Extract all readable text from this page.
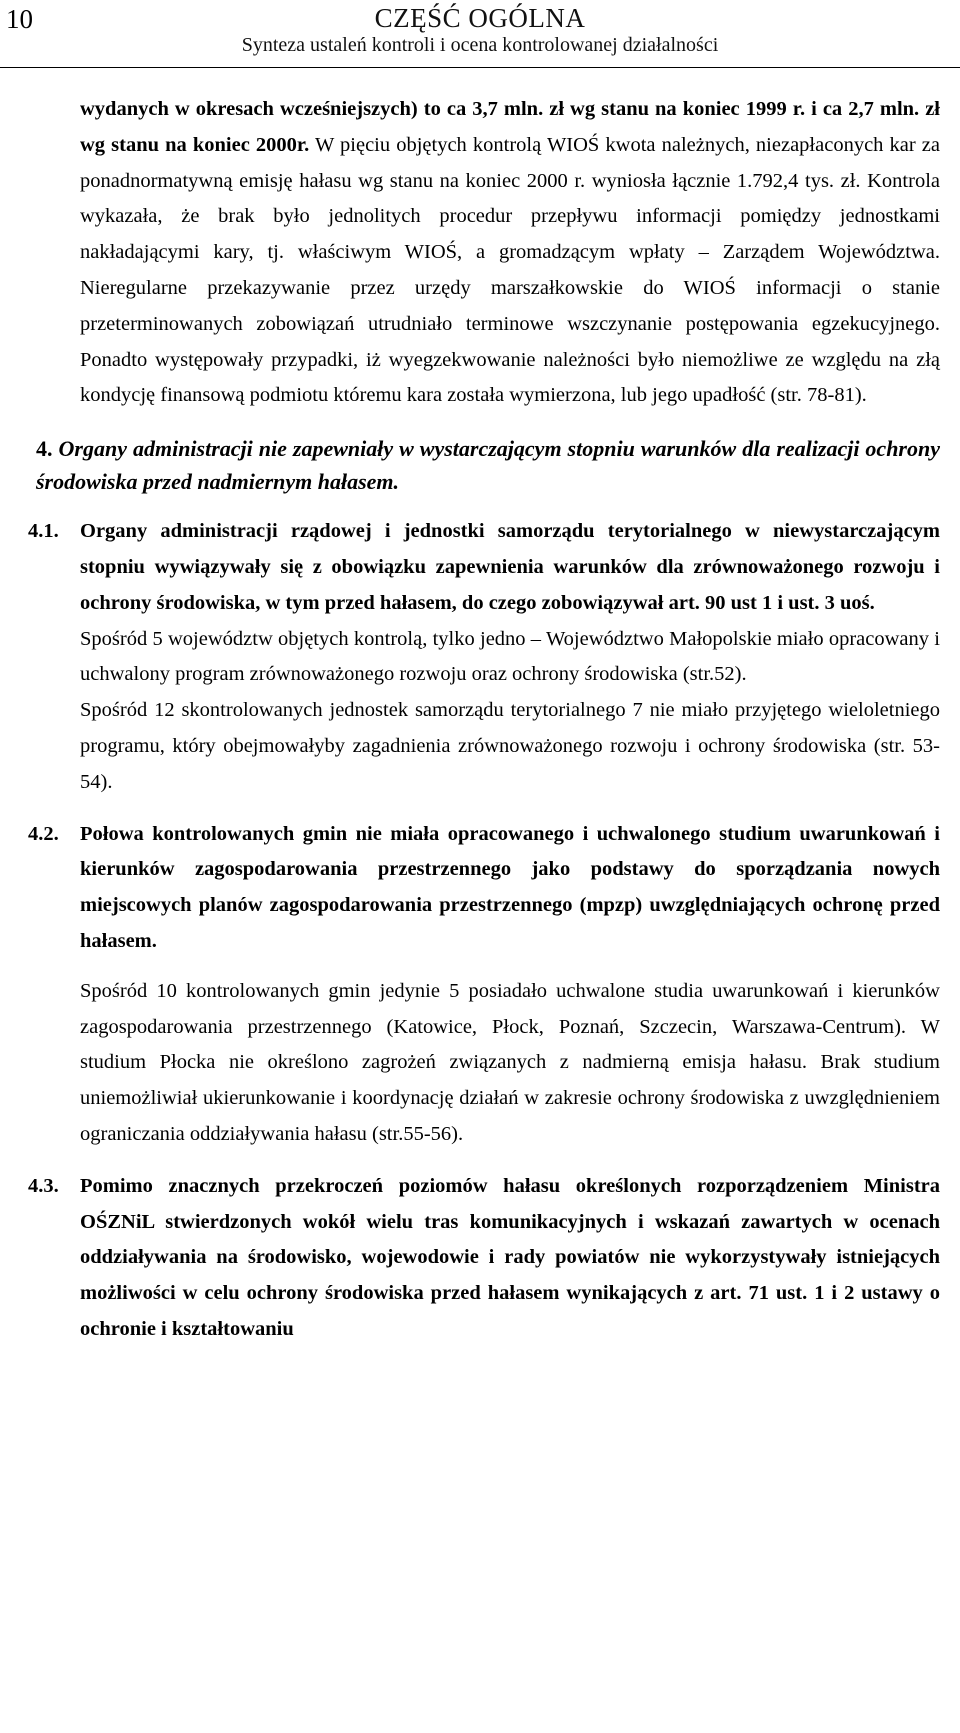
10	CZĘŚĆ OGÓLNA
Synteza ustaleń kontroli i ocena kontrolowanej działalności

wydanych w okresach wcześniejszych) to ca 3,7 mln. zł wg stanu na koniec 1999 r. i ca 2,7 mln. zł wg stanu na koniec 2000r. W pięciu objętych kontrolą WIOŚ kwota należnych, niezapłaconych kar za ponadnormatywną emisję hałasu wg stanu na koniec 2000 r. wyniosła łącznie 1.792,4 tys. zł. Kontrola wykazała, że brak było jednolitych procedur przepływu informacji pomiędzy jednostkami nakładającymi kary, tj. właściwym WIOŚ, a gromadzącym wpłaty – Zarządem Województwa. Nieregularne przekazywanie przez urzędy marszałkowskie do WIOŚ informacji o stanie przeterminowanych zobowiązań utrudniało terminowe wszczynanie postępowania egzekucyjnego. Ponadto występowały przypadki, iż wyegzekwowanie należności było niemożliwe ze względu na złą kondycję finansową podmiotu któremu kara została wymierzona, lub jego upadłość (str. 78-81).

4. Organy administracji nie zapewniały w wystarczającym stopniu warunków dla realizacji ochrony środowiska przed nadmiernym hałasem.

4.1. Organy administracji rządowej i jednostki samorządu terytorialnego w niewystarczającym stopniu wywiązywały się z obowiązku zapewnienia warunków dla zrównoważonego rozwoju i ochrony środowiska, w tym przed hałasem, do czego zobowiązywał art. 90 ust 1 i ust. 3 uoś.

Spośród 5 województw objętych kontrolą, tylko jedno – Województwo Małopolskie miało opracowany i uchwalony program zrównoważonego rozwoju oraz ochrony środowiska (str.52).

Spośród 12 skontrolowanych jednostek samorządu terytorialnego 7 nie miało przyjętego wieloletniego programu, który obejmowałyby zagadnienia zrównoważonego rozwoju i ochrony środowiska (str. 53-54).

4.2. Połowa kontrolowanych gmin nie miała opracowanego i uchwalonego studium uwarunkowań i kierunków zagospodarowania przestrzennego jako podstawy do sporządzania nowych miejscowych planów zagospodarowania przestrzennego (mpzp) uwzględniających ochronę przed hałasem.

Spośród 10 kontrolowanych gmin jedynie 5 posiadało uchwalone studia uwarunkowań i kierunków zagospodarowania przestrzennego (Katowice, Płock, Poznań, Szczecin, Warszawa-Centrum). W studium Płocka nie określono zagrożeń związanych z nadmierną emisja hałasu. Brak studium uniemożliwiał ukierunkowanie i koordynację działań w zakresie ochrony środowiska z uwzględnieniem ograniczania oddziaływania hałasu (str.55-56).

4.3. Pomimo znacznych przekroczeń poziomów hałasu określonych rozporządzeniem Ministra OŚZNiL stwierdzonych wokół wielu tras komunikacyjnych i wskazań zawartych w ocenach oddziaływania na środowisko, wojewodowie i rady powiatów nie wykorzystywały istniejących możliwości w celu ochrony środowiska przed hałasem wynikających z art. 71 ust. 1 i 2 ustawy o ochronie i kształtowaniu
